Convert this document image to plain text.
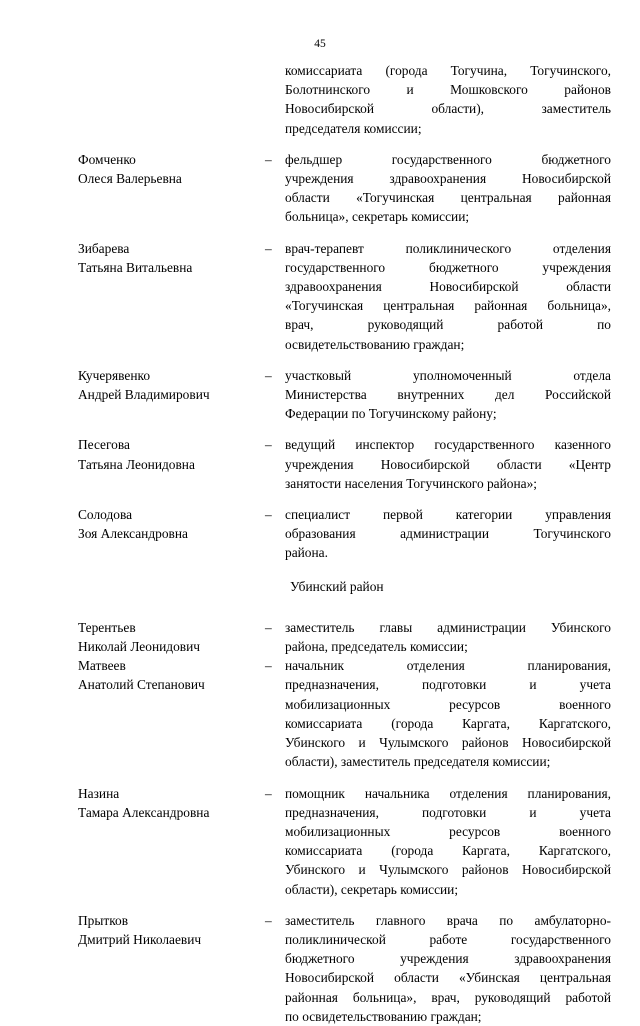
45
комиссариата (города Тогучина, Тогучинского,
Болотнинского и Мошковского районов
Новосибирской области), заместитель
председателя комиссии;
Фомченко
Олеся Валерьевна
– фельдшер государственного бюджетного
учреждения здравоохранения Новосибирской
области «Тогучинская центральная районная
больница», секретарь комиссии;
Зибарева
Татьяна Витальевна
– врач-терапевт поликлинического отделения
государственного бюджетного учреждения
здравоохранения Новосибирской области
«Тогучинская центральная районная больница»,
врач, руководящий работой по
освидетельствованию граждан;
Кучерявенко
Андрей Владимирович
– участковый уполномоченный отдела
Министерства внутренних дел Российской
Федерации по Тогучинскому району;
Песегова
Татьяна Леонидовна
– ведущий инспектор государственного казенного
учреждения Новосибирской области «Центр
занятости населения Тогучинского района»;
Солодова
Зоя Александровна
– специалист первой категории управления
образования администрации Тогучинского
района.
Убинский район
Терентьев
Николай Леонидович
– заместитель главы администрации Убинского
района, председатель комиссии;
Матвеев
Анатолий Степанович
– начальник отделения планирования,
предназначения, подготовки и учета
мобилизационных ресурсов военного
комиссариата (города Каргата, Каргатского,
Убинского и Чулымского районов Новосибирской
области), заместитель председателя комиссии;
Назина
Тамара Александровна
– помощник начальника отделения планирования,
предназначения, подготовки и учета
мобилизационных ресурсов военного
комиссариата (города Каргата, Каргатского,
Убинского и Чулымского районов Новосибирской
области), секретарь комиссии;
Прытков
Дмитрий Николаевич
– заместитель главного врача по амбулаторно-
поликлинической работе государственного
бюджетного учреждения здравоохранения
Новосибирской области «Убинская центральная
районная больница», врач, руководящий работой
по освидетельствованию граждан;
